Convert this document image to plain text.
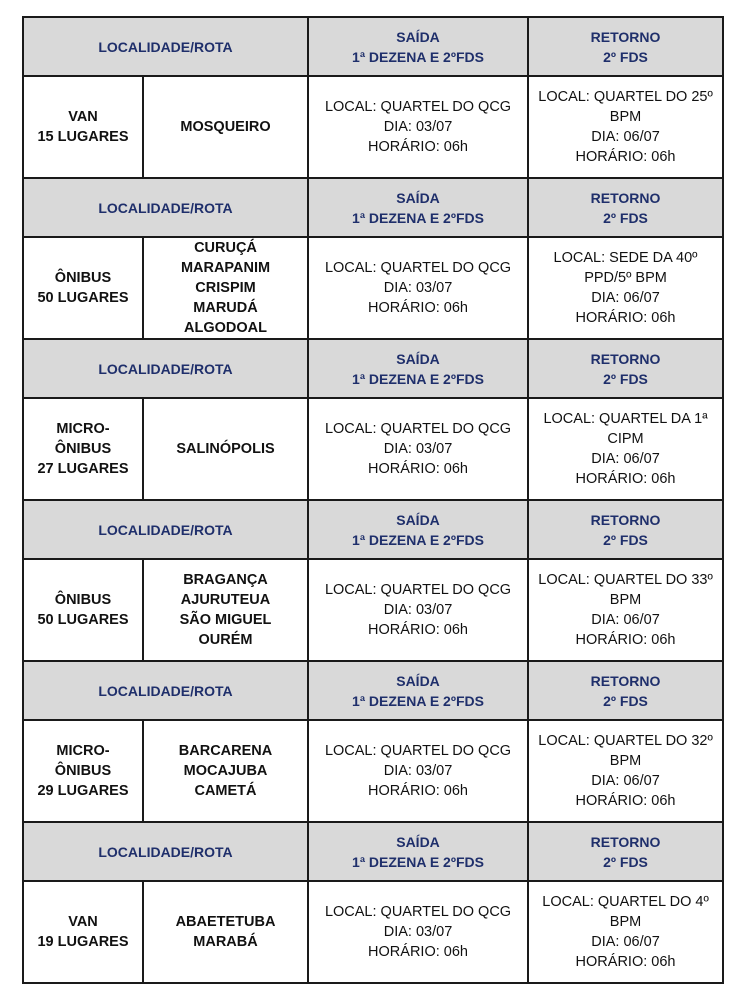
LOCALIDADE/ROTA		SAÍDA
1ª DEZENA E 2ºFDS	RETORNO
2º FDS

VAN
15 LUGARES	MOSQUEIRO	LOCAL: QUARTEL DO QCG
DIA: 03/07
HORÁRIO: 06h	LOCAL: QUARTEL DO 25º BPM
DIA: 06/07
HORÁRIO: 06h

LOCALIDADE/ROTA		SAÍDA
1ª DEZENA E 2ºFDS	RETORNO
2º FDS

ÔNIBUS
50 LUGARES	CURUÇÁ
MARAPANIM
CRISPIM
MARUDÁ
ALGODOAL	LOCAL: QUARTEL DO QCG
DIA: 03/07
HORÁRIO: 06h	LOCAL: SEDE DA 40º PPD/5º BPM
DIA: 06/07
HORÁRIO: 06h

LOCALIDADE/ROTA		SAÍDA
1ª DEZENA E 2ºFDS	RETORNO
2º FDS

MICRO-
ÔNIBUS
27 LUGARES	SALINÓPOLIS	LOCAL: QUARTEL DO QCG
DIA: 03/07
HORÁRIO: 06h	LOCAL: QUARTEL DA 1ª CIPM
DIA: 06/07
HORÁRIO: 06h

LOCALIDADE/ROTA		SAÍDA
1ª DEZENA E 2ºFDS	RETORNO
2º FDS

ÔNIBUS
50 LUGARES	BRAGANÇA
AJURUTEUA
SÃO MIGUEL
OURÉM	LOCAL: QUARTEL DO QCG
DIA: 03/07
HORÁRIO: 06h	LOCAL: QUARTEL DO 33º BPM
DIA: 06/07
HORÁRIO: 06h

LOCALIDADE/ROTA		SAÍDA
1ª DEZENA E 2ºFDS	RETORNO
2º FDS

MICRO-
ÔNIBUS
29 LUGARES	BARCARENA
MOCAJUBA
CAMETÁ	LOCAL: QUARTEL DO QCG
DIA: 03/07
HORÁRIO: 06h	LOCAL: QUARTEL DO 32º BPM
DIA: 06/07
HORÁRIO: 06h

LOCALIDADE/ROTA		SAÍDA
1ª DEZENA E 2ºFDS	RETORNO
2º FDS

VAN
19 LUGARES	ABAETETUBA
MARABÁ	LOCAL: QUARTEL DO QCG
DIA: 03/07
HORÁRIO: 06h	LOCAL: QUARTEL DO 4º BPM
DIA: 06/07
HORÁRIO: 06h
